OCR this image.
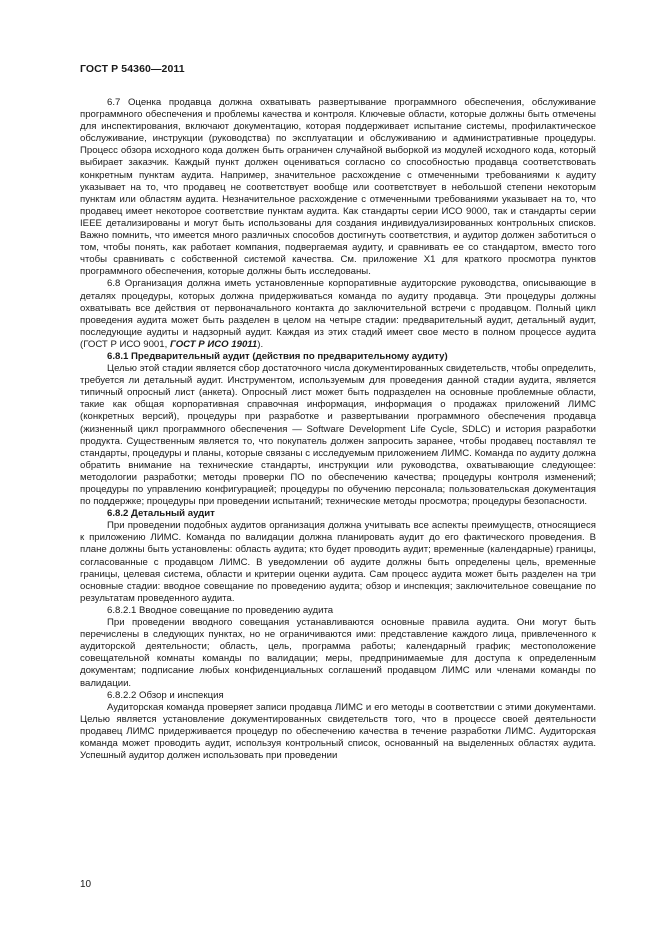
ГОСТ Р 54360—2011

6.7 Оценка продавца должна охватывать развертывание программного обеспечения, обслуживание программного обеспечения и проблемы качества и контроля. Ключевые области, которые должны быть отмечены для инспектирования, включают документацию, которая поддерживает испытание системы, профилактическое обслуживание, инструкции (руководства) по эксплуатации и обслуживанию и административные процедуры. Процесс обзора исходного кода должен быть ограничен случайной выборкой из модулей исходного кода, который выбирает заказчик. Каждый пункт должен оцениваться согласно со способностью продавца соответствовать конкретным пунктам аудита. Например, значительное расхождение с отмеченными требованиями к аудиту указывает на то, что продавец не соответствует вообще или соответствует в небольшой степени некоторым пунктам или областям аудита. Незначительное расхождение с отмеченными требованиями указывает на то, что продавец имеет некоторое соответствие пунктам аудита. Как стандарты серии ИСО 9000, так и стандарты серии IEEE детализированы и могут быть использованы для создания индивидуализированных контрольных списков. Важно помнить, что имеется много различных способов достигнуть соответствия, и аудитор должен заботиться о том, чтобы понять, как работает компания, подвергаемая аудиту, и сравнивать ее со стандартом, вместо того чтобы сравнивать с собственной системой качества. См. приложение Х1 для краткого просмотра пунктов программного обеспечения, которые должны быть исследованы.

6.8 Организация должна иметь установленные корпоративные аудиторские руководства, описывающие в деталях процедуры, которых должна придерживаться команда по аудиту продавца. Эти процедуры должны охватывать все действия от первоначального контакта до заключительной встречи с продавцом. Полный цикл проведения аудита может быть разделен в целом на четыре стадии: предварительный аудит, детальный аудит, последующие аудиты и надзорный аудит. Каждая из этих стадий имеет свое место в полном процессе аудита (ГОСТ Р ИСО 9001, ГОСТ Р ИСО 19011).

6.8.1 Предварительный аудит (действия по предварительному аудиту)

Целью этой стадии является сбор достаточного числа документированных свидетельств, чтобы определить, требуется ли детальный аудит. Инструментом, используемым для проведения данной стадии аудита, является типичный опросный лист (анкета). Опросный лист может быть подразделен на основные проблемные области, такие как общая корпоративная справочная информация, информация о продажах приложений ЛИМС (конкретных версий), процедуры при разработке и развертывании программного обеспечения продавца (жизненный цикл программного обеспечения — Software Development Life Cycle, SDLC) и история разработки продукта. Существенным является то, что покупатель должен запросить заранее, чтобы продавец поставлял те стандарты, процедуры и планы, которые связаны с исследуемым приложением ЛИМС. Команда по аудиту должна обратить внимание на технические стандарты, инструкции или руководства, охватывающие следующее: методологии разработки; методы проверки ПО по обеспечению качества; процедуры контроля изменений; процедуры по управлению конфигурацией; процедуры по обучению персонала; пользовательская документация по поддержке; процедуры при проведении испытаний; технические методы просмотра; процедуры безопасности.

6.8.2 Детальный аудит

При проведении подобных аудитов организация должна учитывать все аспекты преимуществ, относящиеся к приложению ЛИМС. Команда по валидации должна планировать аудит до его фактического проведения. В плане должны быть установлены: область аудита; кто будет проводить аудит; временные (календарные) границы, согласованные с продавцом ЛИМС. В уведомлении об аудите должны быть определены цель, временные границы, целевая система, области и критерии оценки аудита. Сам процесс аудита может быть разделен на три основные стадии: вводное совещание по проведению аудита; обзор и инспекция; заключительное совещание по результатам проведенного аудита.

6.8.2.1 Вводное совещание по проведению аудита

При проведении вводного совещания устанавливаются основные правила аудита. Они могут быть перечислены в следующих пунктах, но не ограничиваются ими: представление каждого лица, привлеченного к аудиторской деятельности; область, цель, программа работы; календарный график; местоположение совещательной комнаты команды по валидации; меры, предпринимаемые для доступа к определенным документам; подписание любых конфиденциальных соглашений продавцом ЛИМС или членами команды по валидации.

6.8.2.2 Обзор и инспекция

Аудиторская команда проверяет записи продавца ЛИМС и его методы в соответствии с этими документами. Целью является установление документированных свидетельств того, что в процессе своей деятельности продавец ЛИМС придерживается процедур по обеспечению качества в течение разработки ЛИМС. Аудиторская команда может проводить аудит, используя контрольный список, основанный на выделенных областях аудита. Успешный аудитор должен использовать при проведении

10
